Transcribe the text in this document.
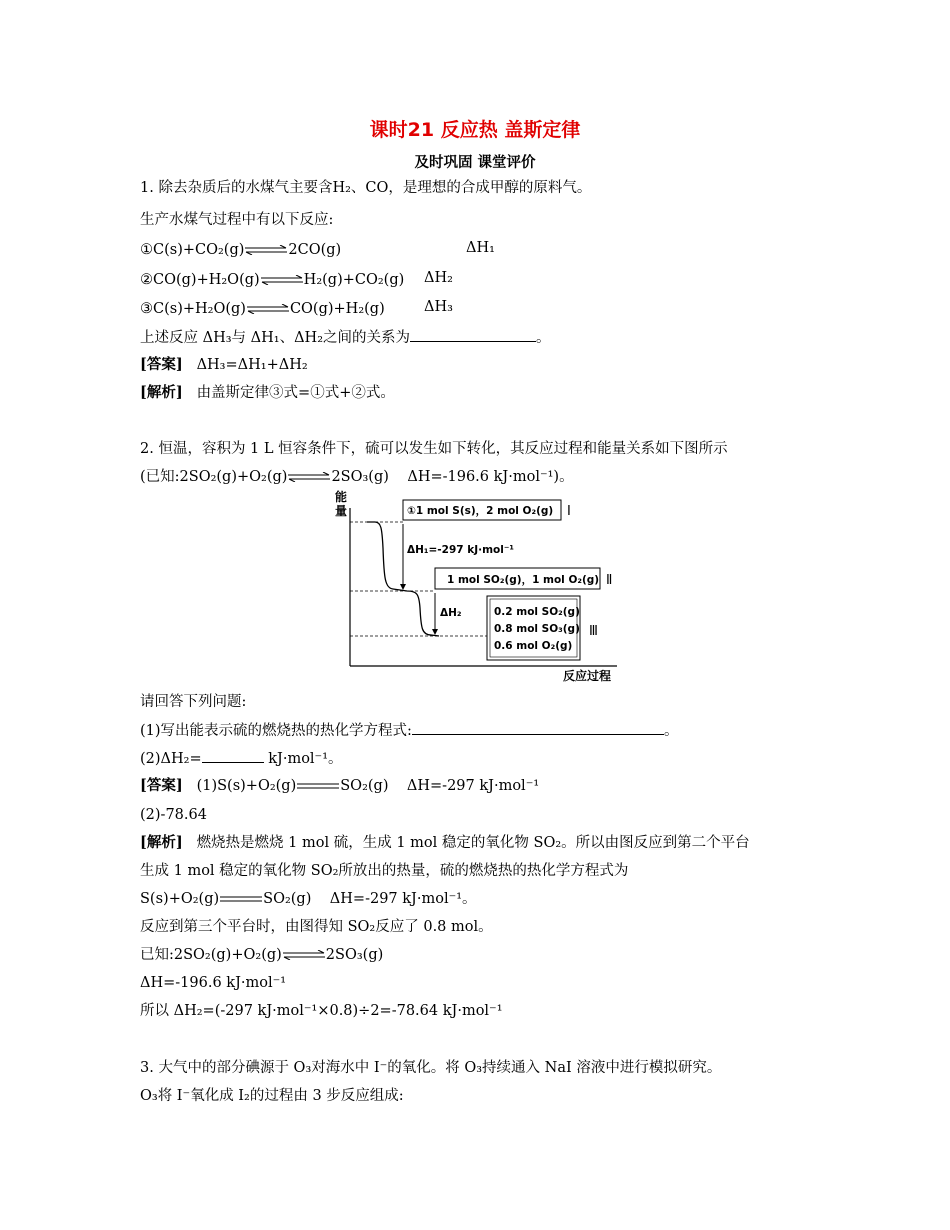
课时21 反应热 盖斯定律
及时巩固 课堂评价
1. 除去杂质后的水煤气主要含H₂、CO，是理想的合成甲醇的原料气。
生产水煤气过程中有以下反应:
①C(s)+CO₂(g)⇌2CO(g)	ΔH₁
②CO(g)+H₂O(g)⇌H₂(g)+CO₂(g) ΔH₂
③C(s)+H₂O(g)⇌CO(g)+H₂(g)	ΔH₃
上述反应 ΔH₃与 ΔH₁、ΔH₂之间的关系为	。
[答案] ΔH₃=ΔH₁+ΔH₂
[解析] 由盖斯定律③式=①式+②式。
2. 恒温，容积为 1 L 恒容条件下，硫可以发生如下转化，其反应过程和能量关系如下图所示
(已知:2SO₂(g)+O₂(g)⇌2SO₃(g)    ΔH=-196.6 kJ·mol⁻¹)。
能
量
反应过程
ΔH₁=-297 kJ·mol⁻¹
ΔH₂
①1 mol S(s)，2 mol O₂(g) Ⅰ
1 mol SO₂(g)，1 mol O₂(g) Ⅱ
0.2 mol SO₂(g)
0.8 mol SO₃(g)
0.6 mol O₂(g)
Ⅲ
请回答下列问题:
(1)写出能表示硫的燃烧热的热化学方程式:	。
(2)ΔH₂=	kJ·mol⁻¹。
[答案] (1)S(s)+O₂(g)	SO₂(g)    ΔH=-297 kJ·mol⁻¹
(2)-78.64
[解析] 燃烧热是燃烧 1 mol 硫，生成 1 mol 稳定的氧化物 SO₂。所以由图反应到第二个平台
生成 1 mol 稳定的氧化物 SO₂所放出的热量，硫的燃烧热的热化学方程式为
S(s)+O₂(g)	SO₂(g)    ΔH=-297 kJ·mol⁻¹。
反应到第三个平台时，由图得知 SO₂反应了 0.8 mol。
已知:2SO₂(g)+O₂(g)⇌2SO₃(g)
ΔH=-196.6 kJ·mol⁻¹
所以 ΔH₂=(-297 kJ·mol⁻¹×0.8)÷2=-78.64 kJ·mol⁻¹
3. 大气中的部分碘源于 O₃对海水中 I⁻的氧化。将 O₃持续通入 NaI 溶液中进行模拟研究。
O₃将 I⁻氧化成 I₂的过程由 3 步反应组成:
